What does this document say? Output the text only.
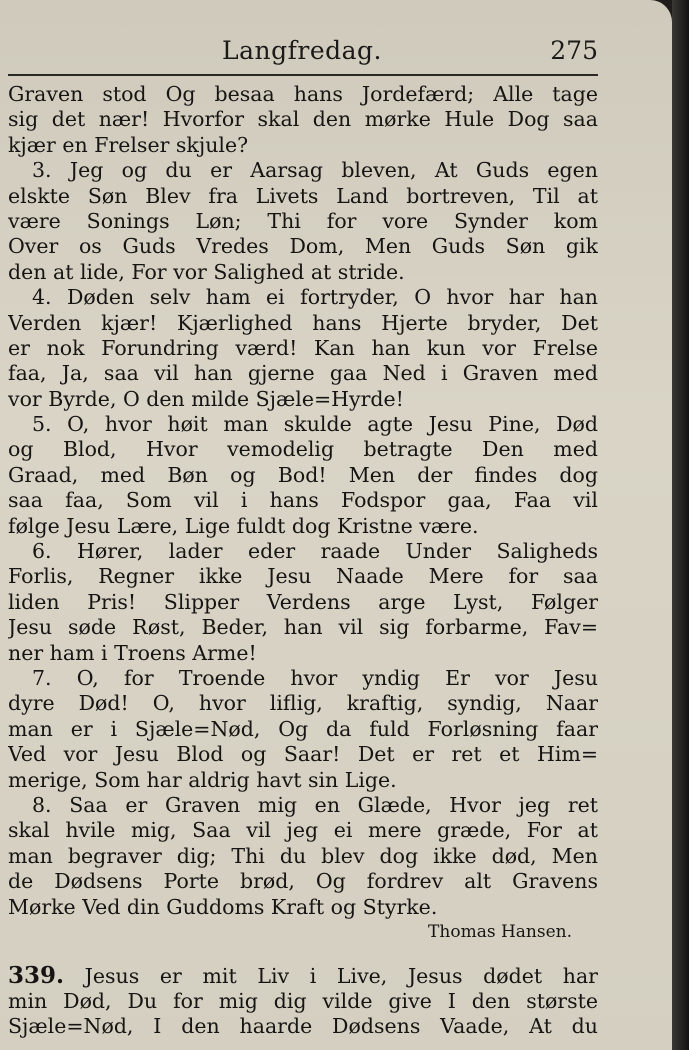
Langfredag.	275
Graven stod Og besaa hans Jordefærd; Alle tage
sig det nær! Hvorfor skal den mørke Hule Dog saa
kjær en Frelser skjule?
3. Jeg og du er Aarsag bleven, At Guds egen
elskte Søn Blev fra Livets Land bortreven, Til at
være Sonings Løn; Thi for vore Synder kom
Over os Guds Vredes Dom, Men Guds Søn gik
den at lide, For vor Salighed at stride.
4. Døden selv ham ei fortryder, O hvor har han
Verden kjær! Kjærlighed hans Hjerte bryder, Det
er nok Forundring værd! Kan han kun vor Frelse
faa, Ja, saa vil han gjerne gaa Ned i Graven med
vor Byrde, O den milde Sjæle=Hyrde!
5. O, hvor høit man skulde agte Jesu Pine, Død
og Blod, Hvor vemodelig betragte Den med
Graad, med Bøn og Bod! Men der findes dog
saa faa, Som vil i hans Fodspor gaa, Faa vil
følge Jesu Lære, Lige fuldt dog Kristne være.
6. Hører, lader eder raade Under Saligheds
Forlis, Regner ikke Jesu Naade Mere for saa
liden Pris! Slipper Verdens arge Lyst, Følger
Jesu søde Røst, Beder, han vil sig forbarme, Fav=
ner ham i Troens Arme!
7. O, for Troende hvor yndig Er vor Jesu
dyre Død! O, hvor liflig, kraftig, syndig, Naar
man er i Sjæle=Nød, Og da fuld Forløsning faar
Ved vor Jesu Blod og Saar! Det er ret et Him=
merige, Som har aldrig havt sin Lige.
8. Saa er Graven mig en Glæde, Hvor jeg ret
skal hvile mig, Saa vil jeg ei mere græde, For at
man begraver dig; Thi du blev dog ikke død, Men
de Dødsens Porte brød, Og fordrev alt Gravens
Mørke Ved din Guddoms Kraft og Styrke.
Thomas Hansen.
339. Jesus er mit Liv i Live, Jesus dødet har
min Død, Du for mig dig vilde give I den største
Sjæle=Nød, I den haarde Dødsens Vaade, At du
